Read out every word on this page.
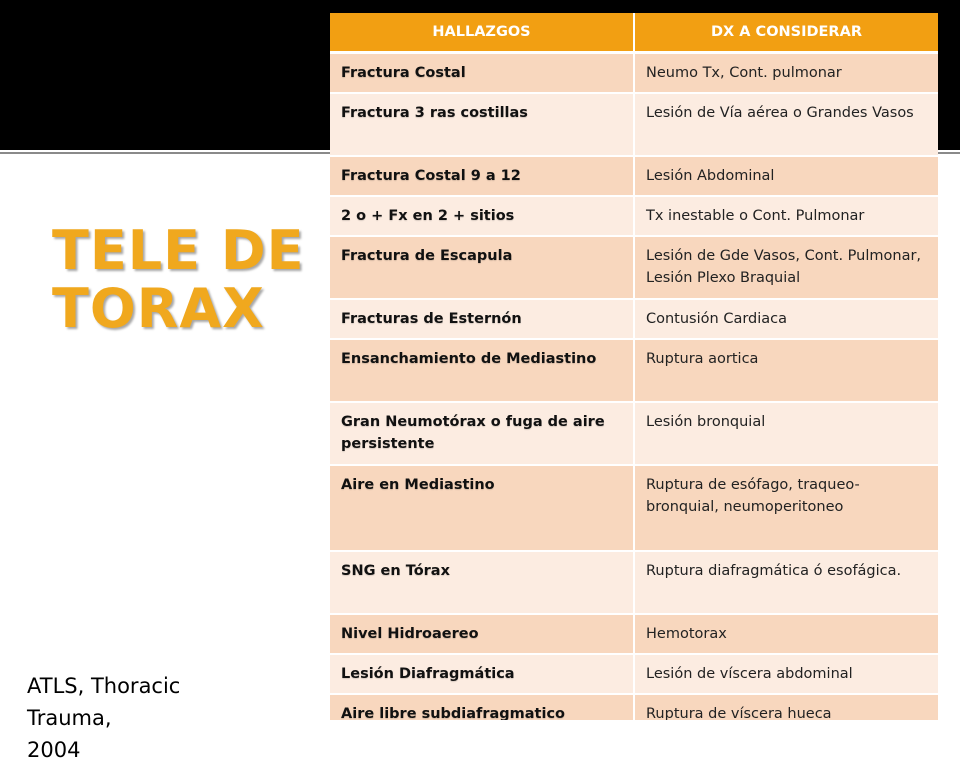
TELE DE
TORAX
ATLS, Thoracic Trauma,
2004
HALLAZGOS	DX A CONSIDERAR
Fractura Costal	Neumo Tx, Cont. pulmonar
Fractura 3 ras costillas	Lesión de Vía aérea o Grandes Vasos
Fractura Costal 9 a 12	Lesión Abdominal
2 o + Fx en 2 + sitios	Tx inestable o Cont. Pulmonar
Fractura de Escapula	Lesión de Gde Vasos, Cont. Pulmonar, Lesión Plexo Braquial
Fracturas de Esternón	Contusión Cardiaca
Ensanchamiento de Mediastino	Ruptura aortica
Gran Neumotórax o fuga de aire persistente	Lesión bronquial
Aire en Mediastino	Ruptura de esófago, traqueo-bronquial, neumoperitoneo
SNG en Tórax	Ruptura diafragmática ó esofágica.
Nivel Hidroaereo	Hemotorax
Lesión Diafragmática	Lesión de víscera abdominal
Aire libre subdiafragmatico	Ruptura de víscera hueca
